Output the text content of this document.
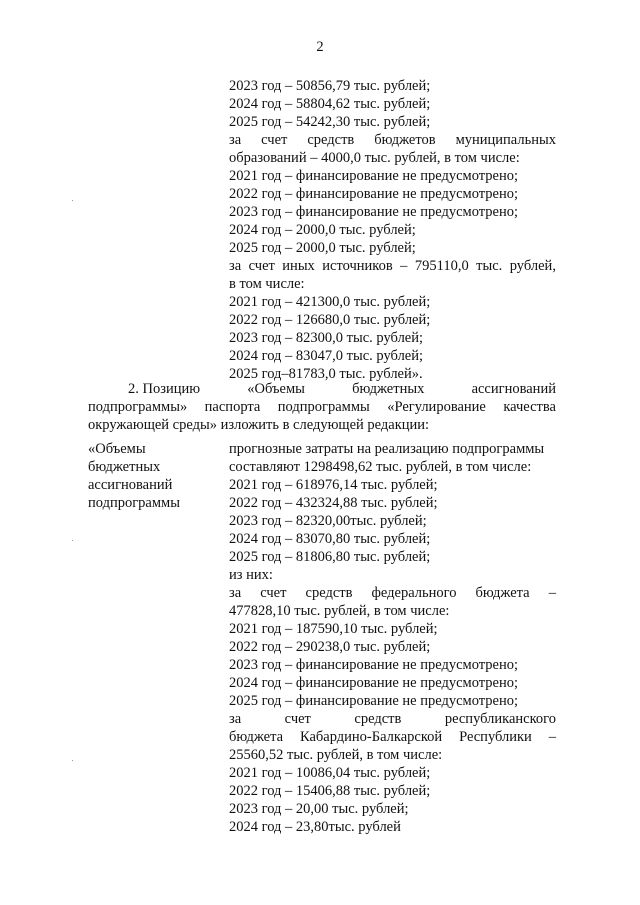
2
2023 год – 50856,79 тыс. рублей;
2024 год – 58804,62 тыс. рублей;
2025 год – 54242,30 тыс. рублей;
за счет средств бюджетов муниципальных
образований – 4000,0 тыс. рублей, в том числе:
2021 год – финансирование не предусмотрено;
2022 год – финансирование не предусмотрено;
2023 год – финансирование не предусмотрено;
2024 год – 2000,0 тыс. рублей;
2025 год – 2000,0 тыс. рублей;
за счет иных источников – 795110,0 тыс. рублей,
в том числе:
2021 год – 421300,0 тыс. рублей;
2022 год – 126680,0 тыс. рублей;
2023 год – 82300,0 тыс. рублей;
2024 год – 83047,0 тыс. рублей;
2025 год–81783,0 тыс. рублей».
2. Позицию	«Объемы	бюджетных	ассигнований
подпрограммы» паспорта подпрограммы «Регулирование качества
окружающей среды» изложить в следующей редакции:
«Объемы
бюджетных
ассигнований
подпрограммы
прогнозные затраты на реализацию подпрограммы
составляют 1298498,62 тыс. рублей, в том числе:
2021 год – 618976,14 тыс. рублей;
2022 год – 432324,88 тыс. рублей;
2023 год – 82320,00тыс. рублей;
2024 год – 83070,80 тыс. рублей;
2025 год – 81806,80 тыс. рублей;
из них:
за счет средств федерального бюджета –
477828,10 тыс. рублей, в том числе:
2021 год – 187590,10 тыс. рублей;
2022 год – 290238,0 тыс. рублей;
2023 год – финансирование не предусмотрено;
2024 год – финансирование не предусмотрено;
2025 год – финансирование не предусмотрено;
за	счет	средств	республиканского
бюджета Кабардино-Балкарской Республики –
25560,52 тыс. рублей, в том числе:
2021 год – 10086,04 тыс. рублей;
2022 год – 15406,88 тыс. рублей;
2023 год – 20,00 тыс. рублей;
2024 год – 23,80тыс. рублей
